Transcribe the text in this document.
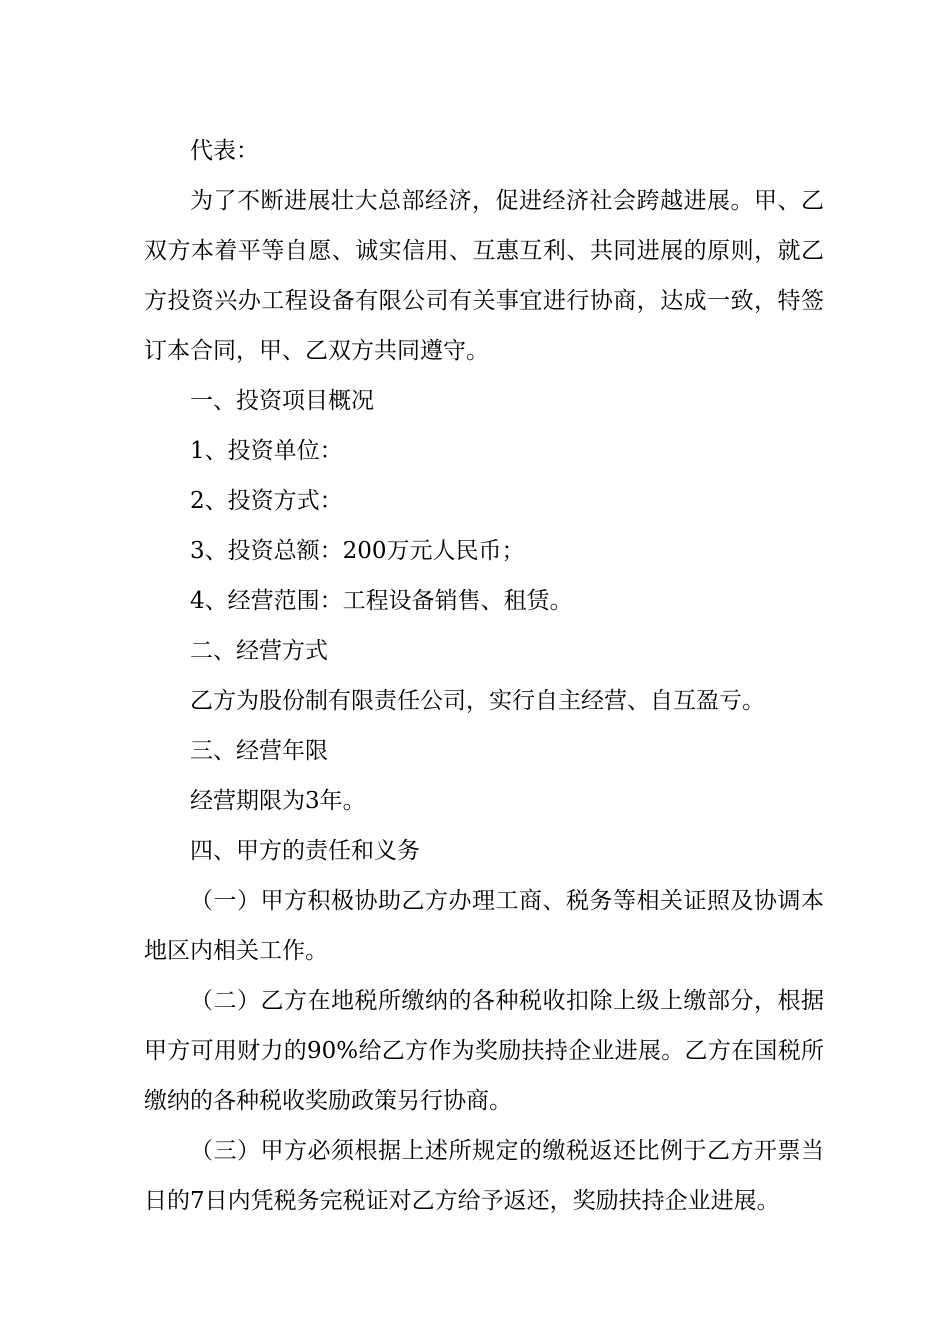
代表：
为了不断进展壮大总部经济，促进经济社会跨越进展。甲、乙
双方本着平等自愿、诚实信用、互惠互利、共同进展的原则，就乙
方投资兴办工程设备有限公司有关事宜进行协商，达成一致，特签
订本合同，甲、乙双方共同遵守。
一、投资项目概况
1、投资单位：
2、投资方式：
3、投资总额：200万元人民币；
4、经营范围：工程设备销售、租赁。
二、经营方式
乙方为股份制有限责任公司，实行自主经营、自互盈亏。
三、经营年限
经营期限为3年。
四、甲方的责任和义务
（一）甲方积极协助乙方办理工商、税务等相关证照及协调本
地区内相关工作。
（二）乙方在地税所缴纳的各种税收扣除上级上缴部分，根据
甲方可用财力的90%给乙方作为奖励扶持企业进展。乙方在国税所
缴纳的各种税收奖励政策另行协商。
（三）甲方必须根据上述所规定的缴税返还比例于乙方开票当
日的7日内凭税务完税证对乙方给予返还，奖励扶持企业进展。
